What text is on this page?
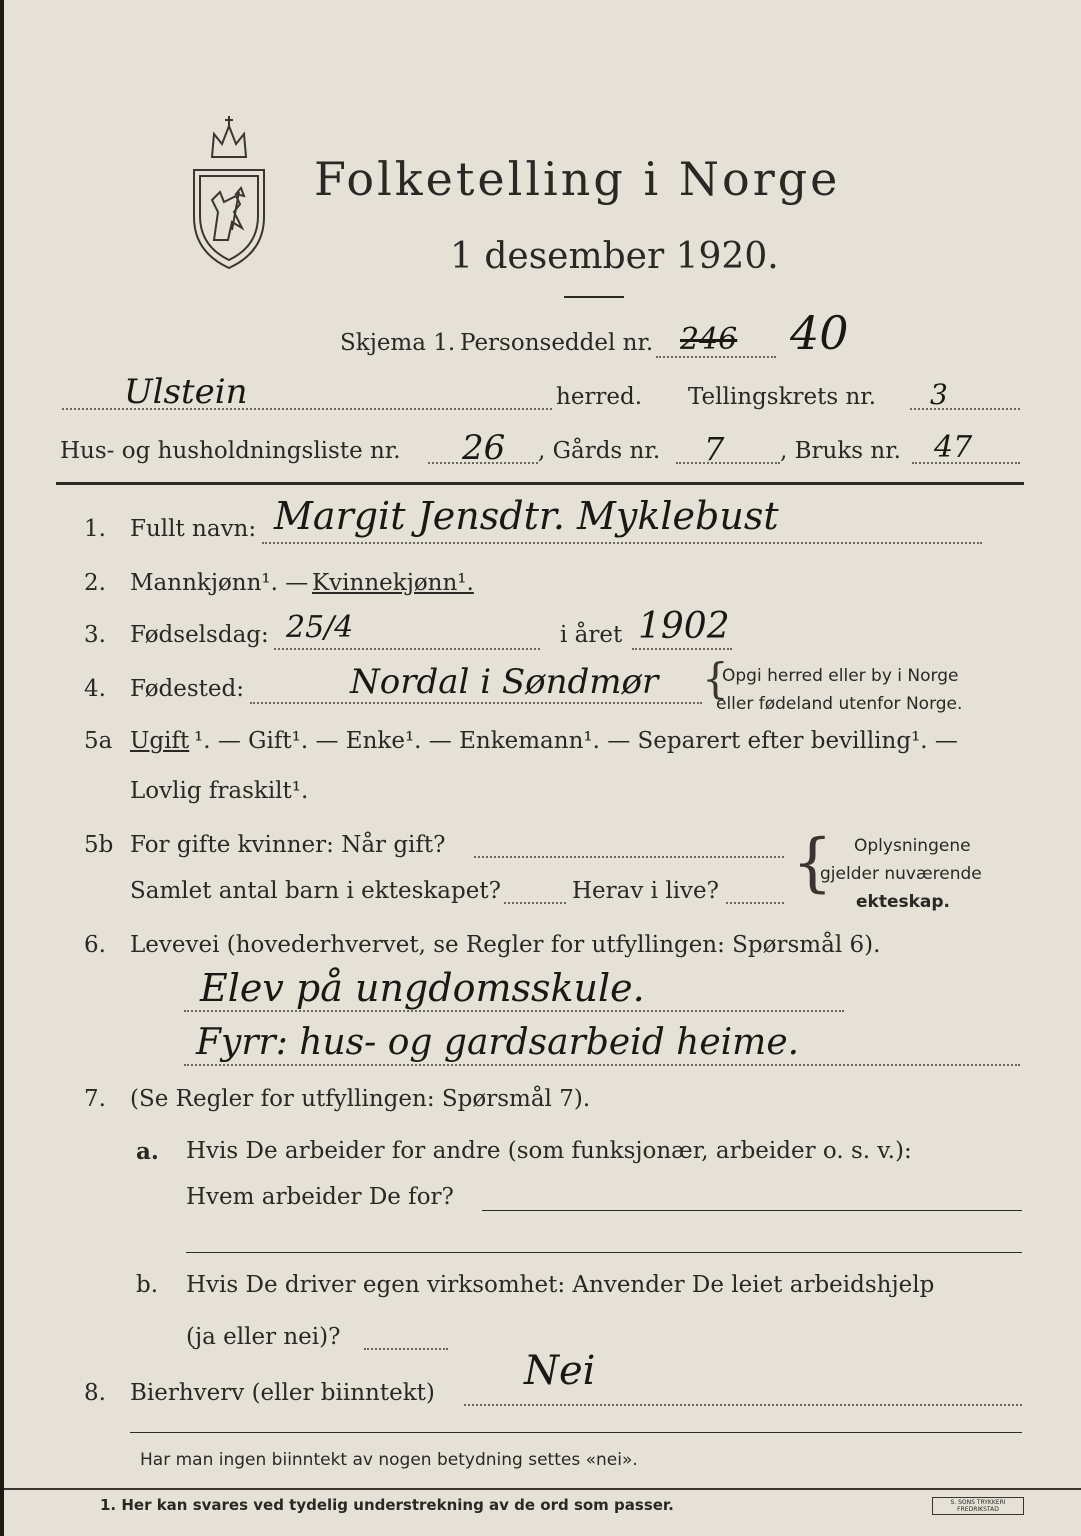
Folketelling i Norge
1 desember 1920.
Skjema 1. Personseddel nr. 246 40
Ulstein	herred. Tellingskrets nr. 3
Hus- og husholdningsliste nr. 26 , Gårds nr. 7 , Bruks nr. 47
1. Fullt navn: Margit Jensdtr. Myklebust
2. Mannkjønn¹. — Kvinnekjønn¹.
3. Fødselsdag: 25/4	i året 1902
4. Fødested:	Nordal i Søndmør {
Opgi herred eller by i Norge
eller fødeland utenfor Norge.
5a Ugift ¹. — Gift¹. — Enke¹. — Enkemann¹. — Separert efter bevilling¹. —
Lovlig fraskilt¹.
5b For gifte kvinner: Når gift?
Samlet antal barn i ekteskapet?	Herav i live? { Oplysningene
gjelder nuværende
ekteskap.
6. Levevei (hovederhvervet, se Regler for utfyllingen: Spørsmål 6).
Elev på ungdomsskule.
Fyrr: hus- og gardsarbeid heime.
7. (Se Regler for utfyllingen: Spørsmål 7).
a. Hvis De arbeider for andre (som funksjonær, arbeider o. s. v.):
Hvem arbeider De for?
b. Hvis De driver egen virksomhet: Anvender De leiet arbeidshjelp
(ja eller nei)?
8. Bierhverv (eller biinntekt) Nei
Har man ingen biinntekt av nogen betydning settes «nei».
1. Her kan svares ved tydelig understrekning av de ord som passer.	S. SONS TRYKKERI FREDRIKSTAD
